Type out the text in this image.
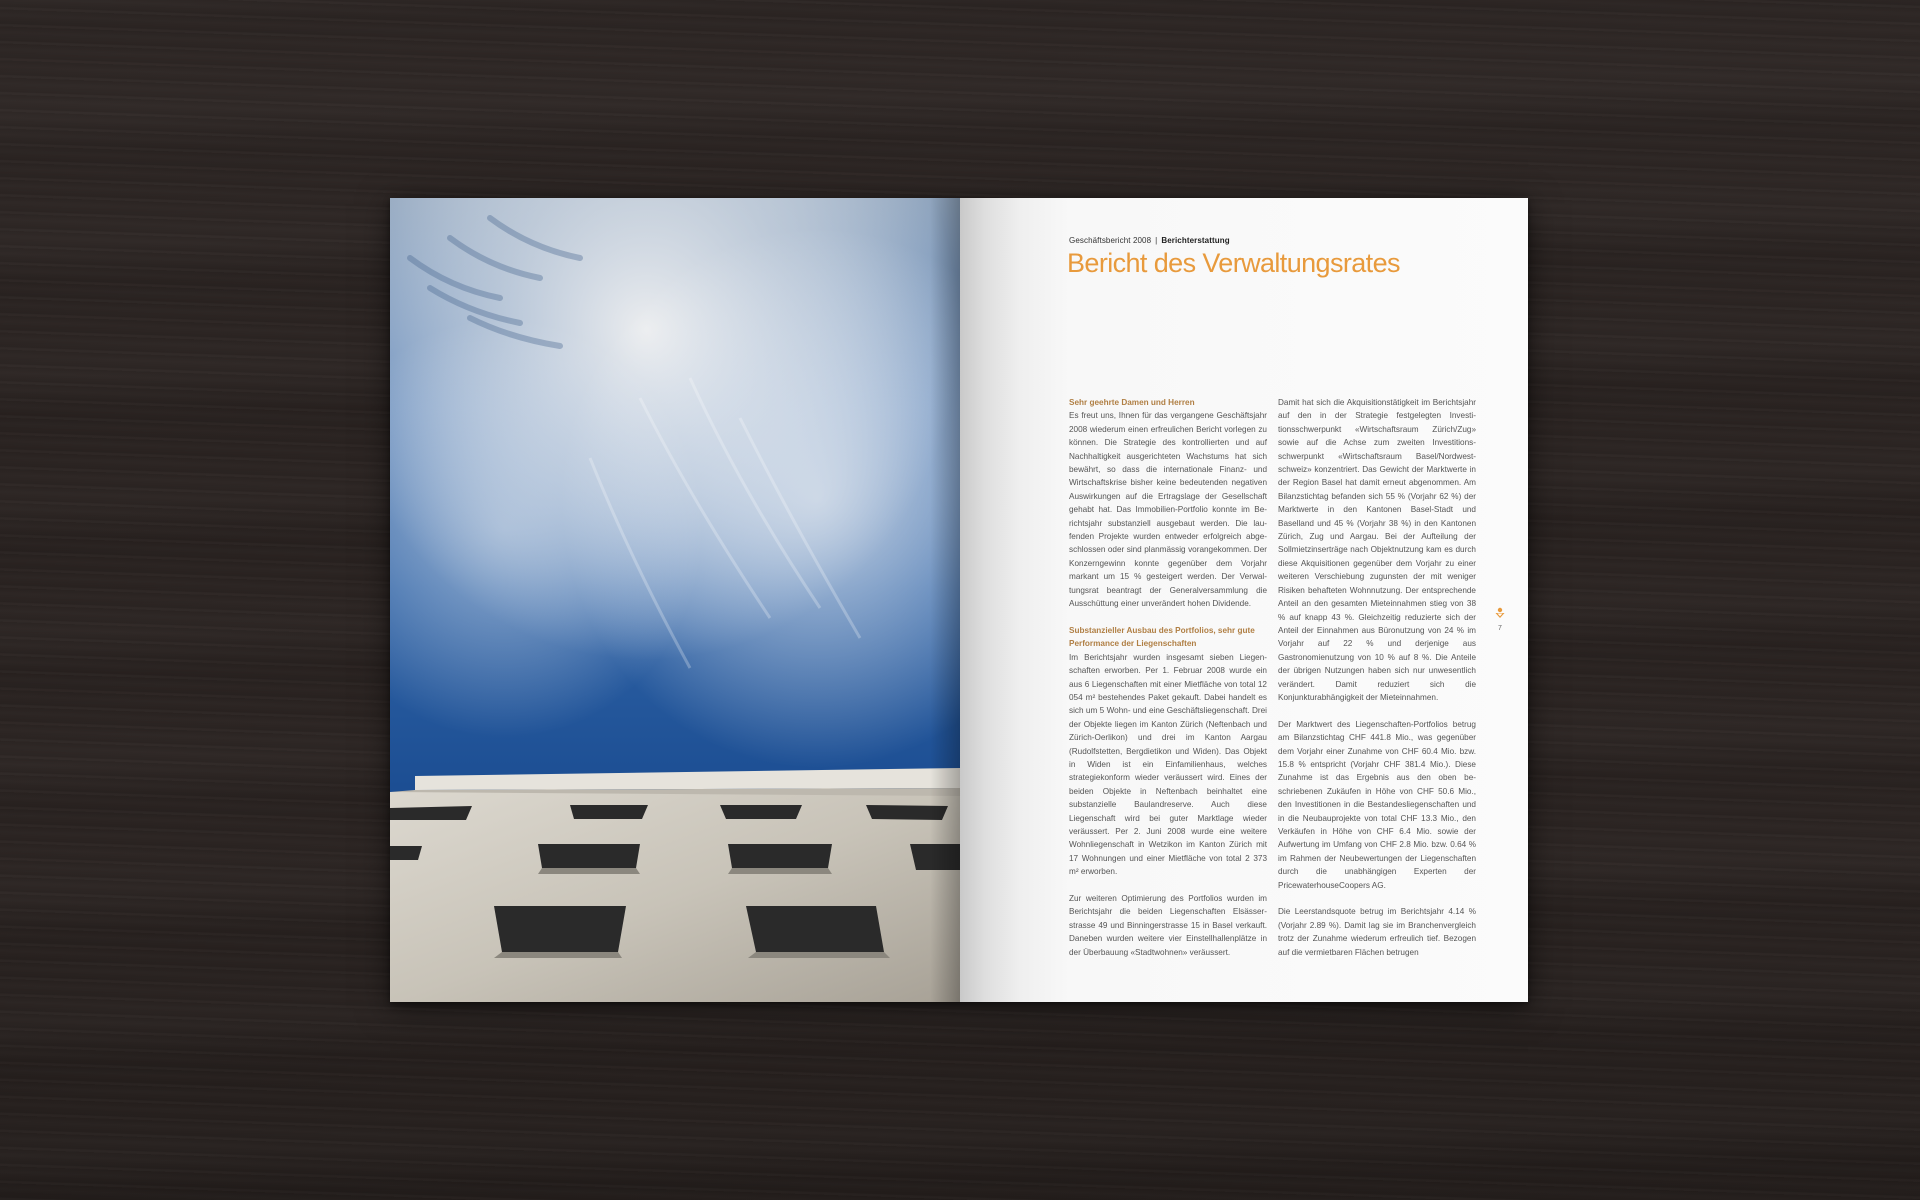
Geschäftsbericht 2008 | Berichterstattung
Bericht des Verwaltungsrates
Sehr geehrte Damen und Herren

Es freut uns, Ihnen für das vergangene Geschäftsjahr 2008 wiederum einen erfreulichen Bericht vorlegen zu können. Die Strategie des kontrollierten und auf Nachhaltigkeit ausgerichteten Wachstums hat sich bewährt, so dass die internationale Finanz- und Wirtschaftskrise bisher keine bedeutenden negativen Auswirkungen auf die Ertragslage der Gesellschaft gehabt hat. Das Immobilien-Portfolio konnte im Berichtsjahr substanziell ausgebaut werden. Die laufenden Projekte wurden entweder erfolgreich abgeschlossen oder sind planmässig vorangekommen. Der Konzerngewinn konnte gegenüber dem Vorjahr markant um 15 % gesteigert werden. Der Verwaltungsrat beantragt der Generalversammlung die Ausschüttung einer unverändert hohen Dividende.

Substanzieller Ausbau des Portfolios, sehr gute Performance der Liegenschaften

Im Berichtsjahr wurden insgesamt sieben Liegenschaften erworben. Per 1. Februar 2008 wurde ein aus 6 Liegenschaften mit einer Mietfläche von total 12 054 m² bestehendes Paket gekauft. Dabei handelt es sich um 5 Wohn- und eine Geschäftsliegenschaft. Drei der Objekte liegen im Kanton Zürich (Neftenbach und Zürich-Oerlikon) und drei im Kanton Aargau (Rudolfstetten, Bergdietikon und Widen). Das Objekt in Widen ist ein Einfamilienhaus, welches strategiekonform wieder veräussert wird. Eines der beiden Objekte in Neftenbach beinhaltet eine substanzielle Baulandreserve. Auch diese Liegenschaft wird bei guter Marktlage wieder veräussert. Per 2. Juni 2008 wurde eine weitere Wohnliegenschaft in Wetzikon im Kanton Zürich mit 17 Wohnungen und einer Mietfläche von total 2 373 m² erworben.

Zur weiteren Optimierung des Portfolios wurden im Berichtsjahr die beiden Liegenschaften Elsässerstrasse 49 und Binningerstrasse 15 in Basel verkauft. Daneben wurden weitere vier Einstellhallenplätze in der Überbauung «Stadtwohnen» veräussert.

Damit hat sich die Akquisitionstätigkeit im Berichtsjahr auf den in der Strategie festgelegten Investitionsschwerpunkt «Wirtschaftsraum Zürich/Zug» sowie auf die Achse zum zweiten Investitionsschwerpunkt «Wirtschaftsraum Basel/Nordwestschweiz» konzentriert. Das Gewicht der Marktwerte in der Region Basel hat damit erneut abgenommen. Am Bilanzstichtag befanden sich 55 % (Vorjahr 62 %) der Marktwerte in den Kantonen Basel-Stadt und Baselland und 45 % (Vorjahr 38 %) in den Kantonen Zürich, Zug und Aargau. Bei der Aufteilung der Sollmietzinserträge nach Objektnutzung kam es durch diese Akquisitionen gegenüber dem Vorjahr zu einer weiteren Verschiebung zugunsten der mit weniger Risiken behafteten Wohnnutzung. Der entsprechende Anteil an den gesamten Mieteinnahmen stieg von 38 % auf knapp 43 %. Gleichzeitig reduzierte sich der Anteil der Einnahmen aus Büronutzung von 24 % im Vorjahr auf 22 % und derjenige aus Gastronomienutzung von 10 % auf 8 %. Die Anteile der übrigen Nutzungen haben sich nur unwesentlich verändert. Damit reduziert sich die Konjunkturabhängigkeit der Mieteinnahmen.

Der Marktwert des Liegenschaften-Portfolios betrug am Bilanzstichtag CHF 441.8 Mio., was gegenüber dem Vorjahr einer Zunahme von CHF 60.4 Mio. bzw. 15.8 % entspricht (Vorjahr CHF 381.4 Mio.). Diese Zunahme ist das Ergebnis aus den oben beschriebenen Zukäufen in Höhe von CHF 50.6 Mio., den Investitionen in die Bestandesliegenschaften und in die Neubauprojekte von total CHF 13.3 Mio., den Verkäufen in Höhe von CHF 6.4 Mio. sowie der Aufwertung im Umfang von CHF 2.8 Mio. bzw. 0.64 % im Rahmen der Neubewertungen der Liegenschaften durch die unabhängigen Experten der PricewaterhouseCoopers AG.

Die Leerstandsquote betrug im Berichtsjahr 4.14 % (Vorjahr 2.89 %). Damit lag sie im Branchenvergleich trotz der Zunahme wiederum erfreulich tief. Bezogen auf die vermietbaren Flächen betrugen

7
